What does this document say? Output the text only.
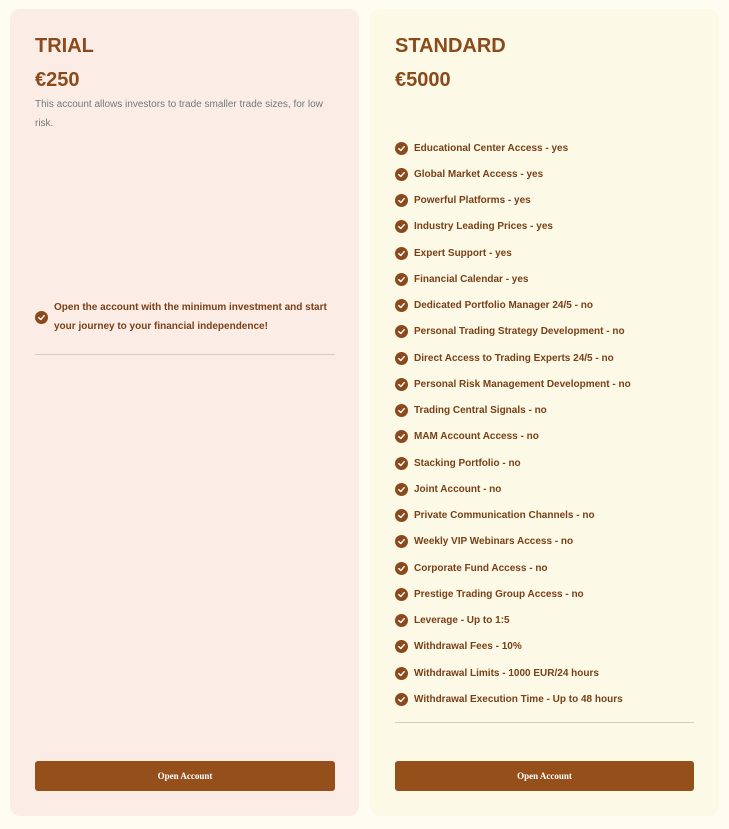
TRIAL
€250
This account allows investors to trade smaller trade sizes, for low risk.
Open the account with the minimum investment and start your journey to your financial independence!
Open Account
STANDARD
€5000
Educational Center Access - yes
Global Market Access - yes
Powerful Platforms - yes
Industry Leading Prices - yes
Expert Support - yes
Financial Calendar - yes
Dedicated Portfolio Manager 24/5 - no
Personal Trading Strategy Development - no
Direct Access to Trading Experts 24/5 - no
Personal Risk Management Development - no
Trading Central Signals - no
MAM Account Access - no
Stacking Portfolio - no
Joint Account - no
Private Communication Channels - no
Weekly VIP Webinars Access - no
Corporate Fund Access - no
Prestige Trading Group Access - no
Leverage - Up to 1:5
Withdrawal Fees - 10%
Withdrawal Limits - 1000 EUR/24 hours
Withdrawal Execution Time - Up to 48 hours
Open Account
